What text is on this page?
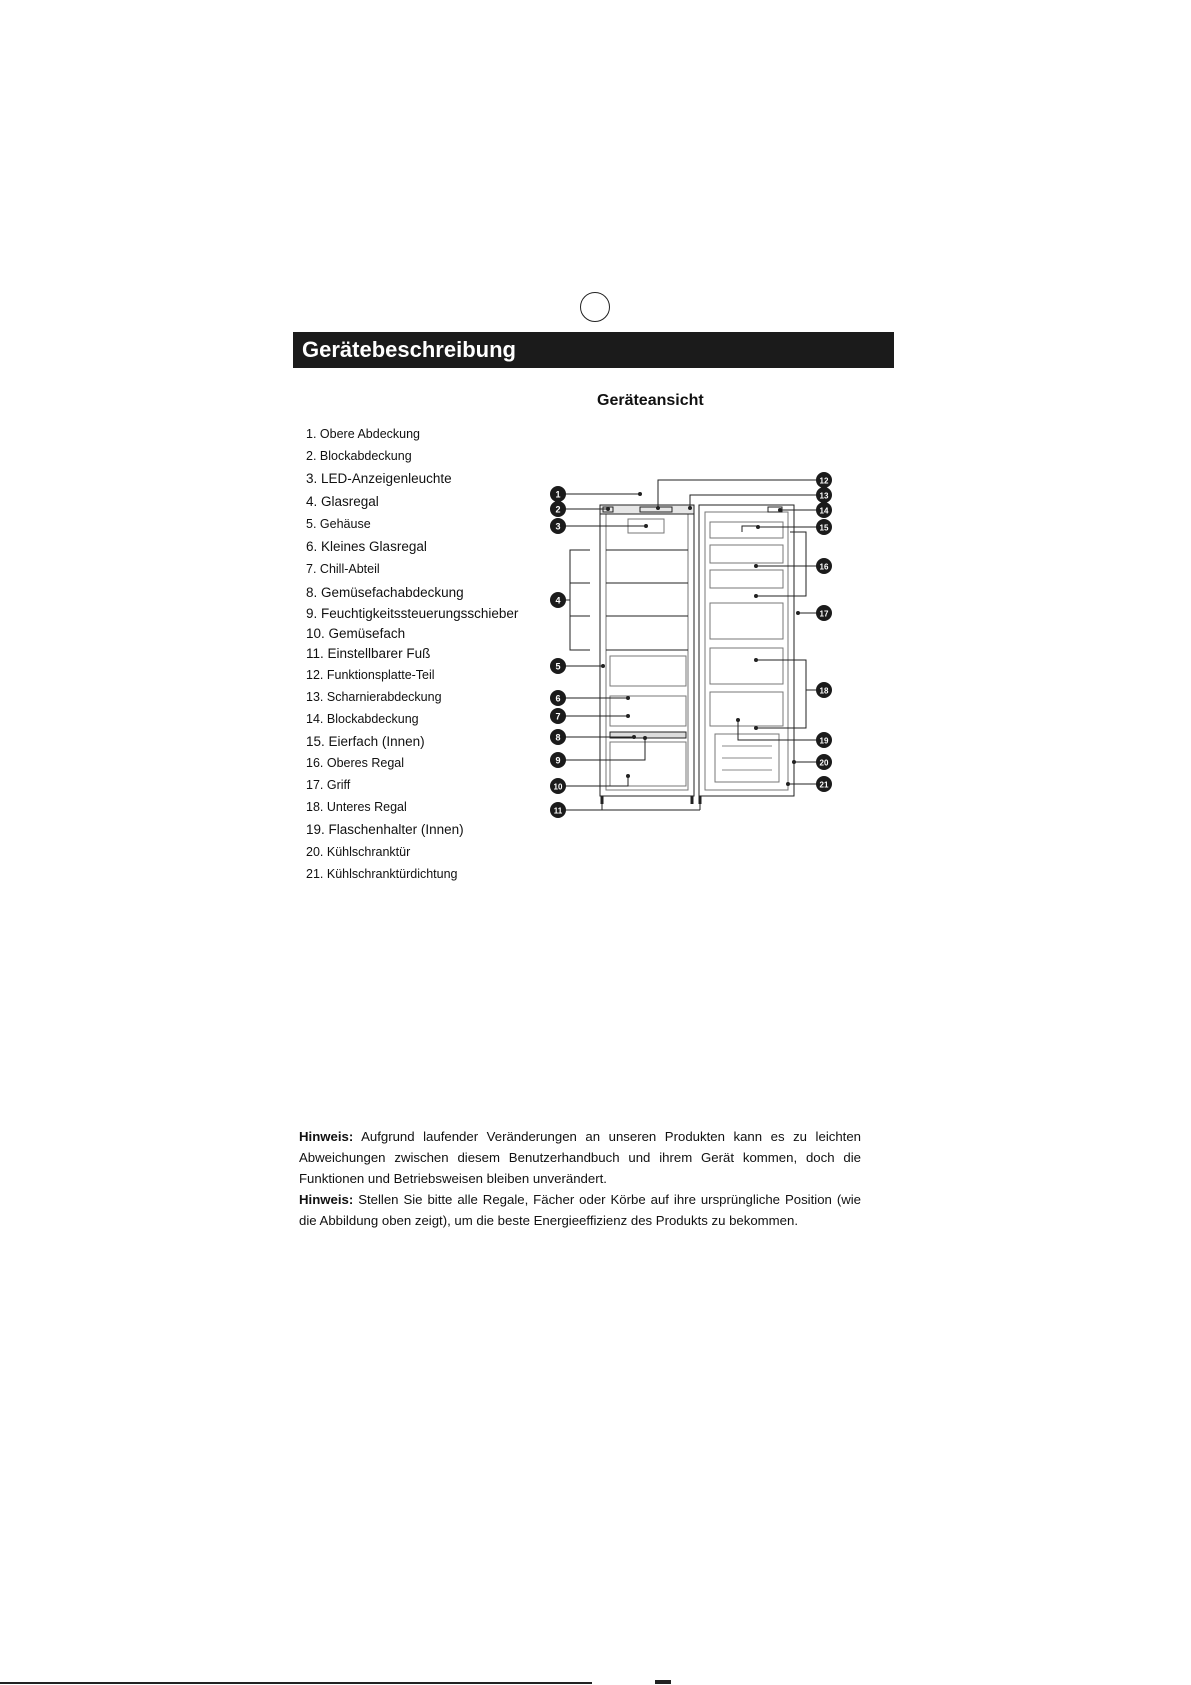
Gerätebeschreibung
Geräteansicht
1. Obere Abdeckung
2. Blockabdeckung
3. LED-Anzeigenleuchte
4. Glasregal
5. Gehäuse
6. Kleines Glasregal
7. Chill-Abteil
8. Gemüsefachabdeckung
9. Feuchtigkeitssteuerungsschieber
10. Gemüsefach
11. Einstellbarer Fuß
12. Funktionsplatte-Teil
13. Scharnierabdeckung
14. Blockabdeckung
15. Eierfach (Innen)
16. Oberes Regal
17. Griff
18. Unteres Regal
19. Flaschenhalter (Innen)
20. Kühlschranktür
21. Kühlschranktürdichtung
1
2
3
4
5
6
7
8
9
10
11
12
13
14
15
16
17
18
19
20
21

Hinweis: Aufgrund laufender Veränderungen an unseren Produkten kann es zu leichten Abweichungen zwischen diesem Benutzerhandbuch und ihrem Gerät kommen, doch die Funktionen und Betriebsweisen bleiben unverändert.

Hinweis: Stellen Sie bitte alle Regale, Fächer oder Körbe auf ihre ursprüngliche Position (wie die Abbildung oben zeigt), um die beste Energieeffizienz des Produkts zu bekommen.
